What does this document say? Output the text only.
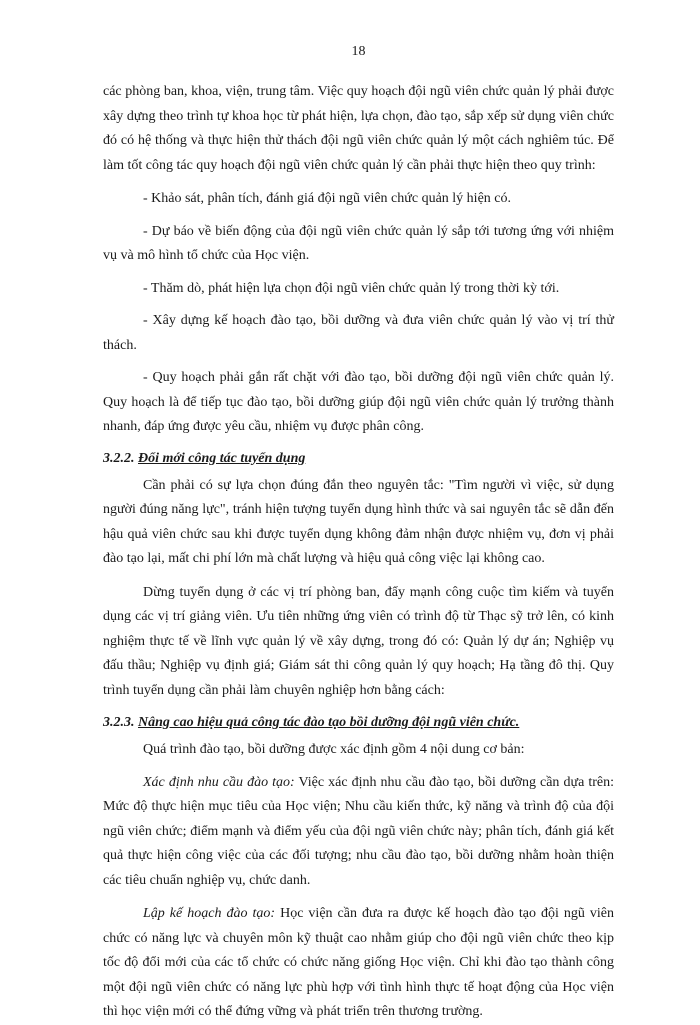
18

các phòng ban, khoa, viện, trung tâm. Việc quy hoạch đội ngũ viên chức quản lý phải được xây dựng theo trình tự khoa học từ phát hiện, lựa chọn, đào tạo, sắp xếp sử dụng viên chức đó có hệ thống và thực hiện thử thách đội ngũ viên chức quản lý một cách nghiêm túc. Để làm tốt công tác quy hoạch đội ngũ viên chức quản lý cần phải thực hiện theo quy trình:

- Khảo sát, phân tích, đánh giá đội ngũ viên chức quản lý hiện có.

- Dự báo về biến động của đội ngũ viên chức quản lý sắp tới tương ứng với nhiệm vụ và mô hình tổ chức của Học viện.

- Thăm dò, phát hiện lựa chọn đội ngũ viên chức quản lý trong thời kỳ tới.

- Xây dựng kế hoạch đào tạo, bồi dưỡng và đưa viên chức quản lý vào vị trí thử thách.

- Quy hoạch phải gắn rất chặt với đào tạo, bồi dưỡng đội ngũ viên chức quản lý. Quy hoạch là để tiếp tục đào tạo, bồi dưỡng giúp đội ngũ viên chức quản lý trưởng thành nhanh, đáp ứng được yêu cầu, nhiệm vụ được phân công.

3.2.2. Đổi mới công tác tuyển dụng

Cần phải có sự lựa chọn đúng đắn theo nguyên tắc: "Tìm người vì việc, sử dụng người đúng năng lực", tránh hiện tượng tuyển dụng hình thức và sai nguyên tắc sẽ dẫn đến hậu quả viên chức sau khi được tuyển dụng không đảm nhận được nhiệm vụ, đơn vị phải đào tạo lại, mất chi phí lớn mà chất lượng và hiệu quả công việc lại không cao.

Dừng tuyển dụng ở các vị trí phòng ban, đẩy mạnh công cuộc tìm kiếm và tuyển dụng các vị trí giảng viên. Ưu tiên những ứng viên có trình độ từ Thạc sỹ trở lên, có kinh nghiệm thực tế về lĩnh vực quản lý về xây dựng, trong đó có: Quản lý dự án; Nghiệp vụ đấu thầu; Nghiệp vụ định giá; Giám sát thi công quản lý quy hoạch; Hạ tầng đô thị. Quy trình tuyển dụng cần phải làm chuyên nghiệp hơn bằng cách:

3.2.3. Nâng cao hiệu quả công tác đào tạo bồi dưỡng đội ngũ viên chức.

Quá trình đào tạo, bồi dưỡng được xác định gồm 4 nội dung cơ bản:

Xác định nhu cầu đào tạo: Việc xác định nhu cầu đào tạo, bồi dưỡng cần dựa trên: Mức độ thực hiện mục tiêu của Học viện; Nhu cầu kiến thức, kỹ năng và trình độ của đội ngũ viên chức; điểm mạnh và điểm yếu của đội ngũ viên chức này; phân tích, đánh giá kết quả thực hiện công việc của các đối tượng; nhu cầu đào tạo, bồi dưỡng nhằm hoàn thiện các tiêu chuẩn nghiệp vụ, chức danh.

Lập kế hoạch đào tạo: Học viện cần đưa ra được kế hoạch đào tạo đội ngũ viên chức có năng lực và chuyên môn kỹ thuật cao nhằm giúp cho đội ngũ viên chức theo kịp tốc độ đổi mới của các tổ chức có chức năng giống Học viện. Chỉ khi đào tạo thành công một đội ngũ viên chức có năng lực phù hợp với tình hình thực tế hoạt động của Học viện thì học viện mới có thể đứng vững và phát triển trên thương trường.
